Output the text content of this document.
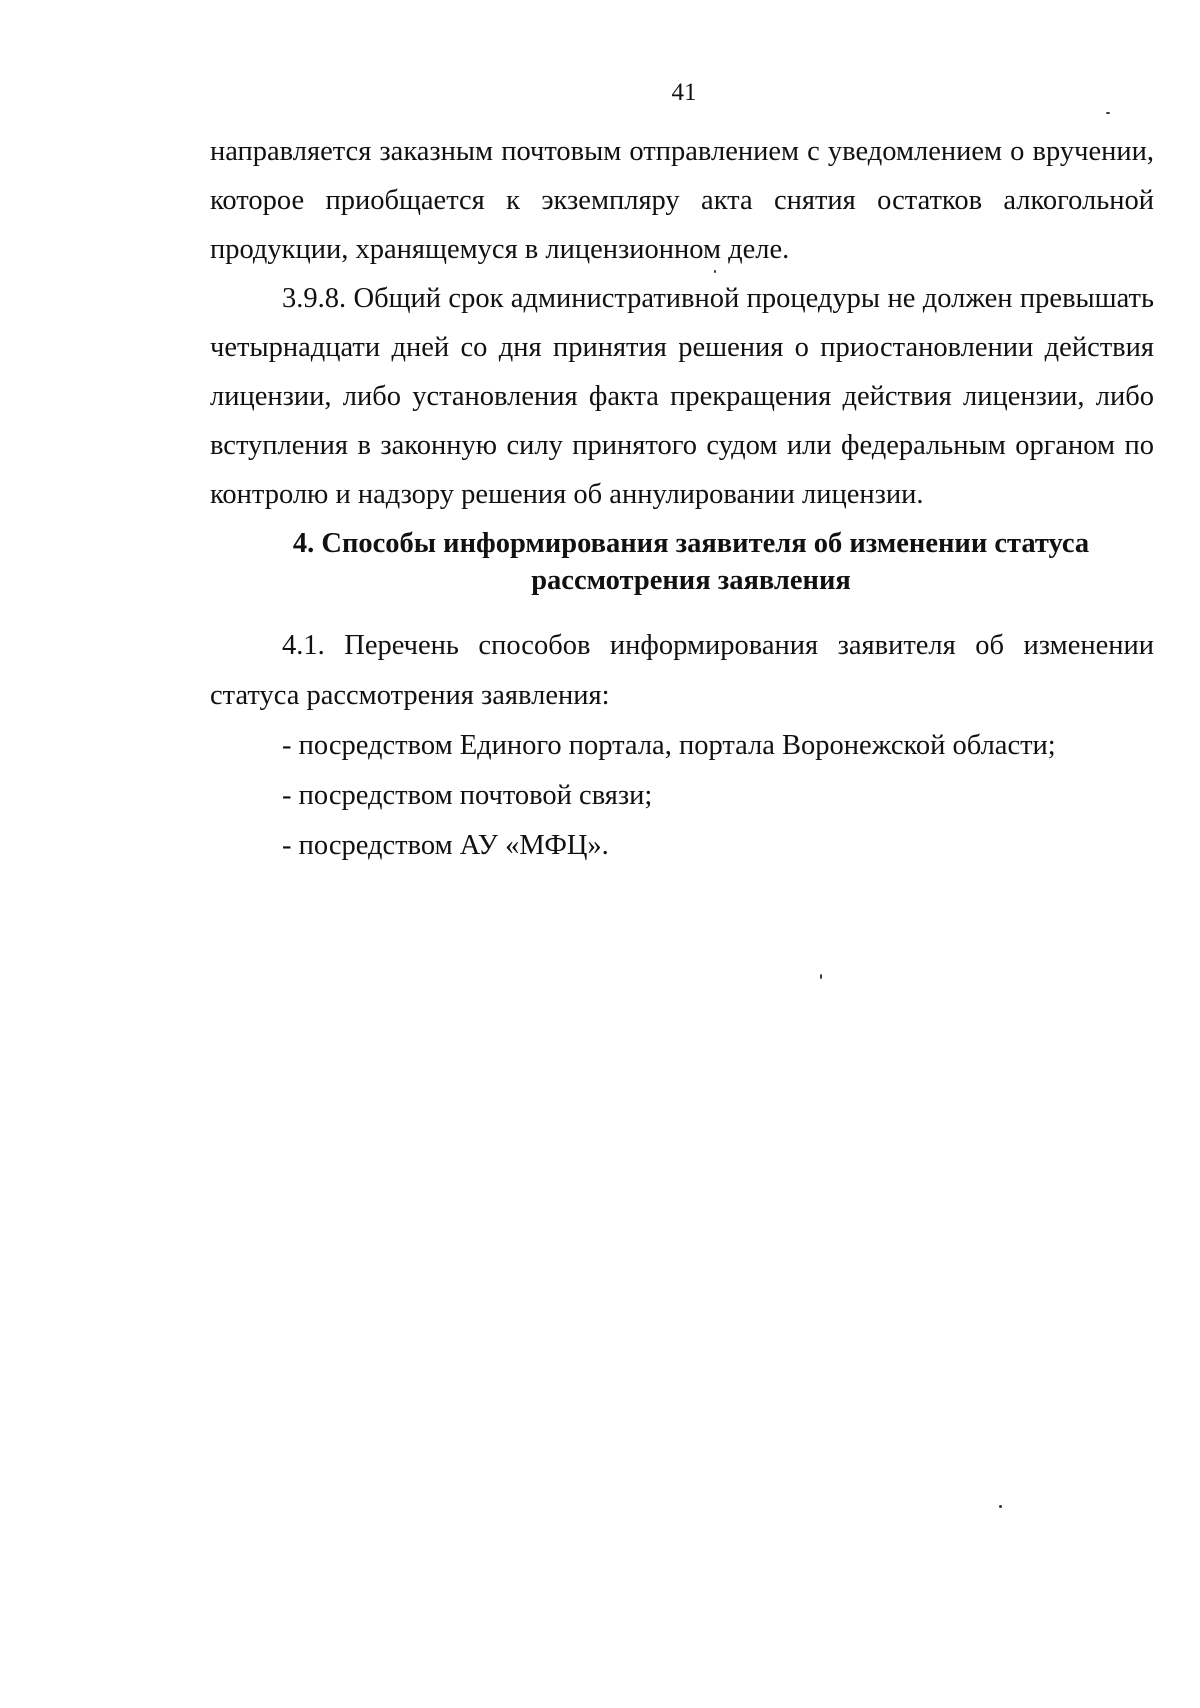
41

направляется заказным почтовым отправлением с уведомлением о вручении, которое приобщается к экземпляру акта снятия остатков алкогольной продукции, хранящемуся в лицензионном деле.

3.9.8. Общий срок административной процедуры не должен превышать четырнадцати дней со дня принятия решения о приостановлении действия лицензии, либо установления факта прекращения действия лицензии, либо вступления в законную силу принятого судом или федеральным органом по контролю и надзору решения об аннулировании лицензии.

4. Способы информирования заявителя об изменении статуса
рассмотрения заявления

4.1. Перечень способов информирования заявителя об изменении статуса рассмотрения заявления:

- посредством Единого портала, портала Воронежской области;
- посредством почтовой связи;
- посредством АУ «МФЦ».
